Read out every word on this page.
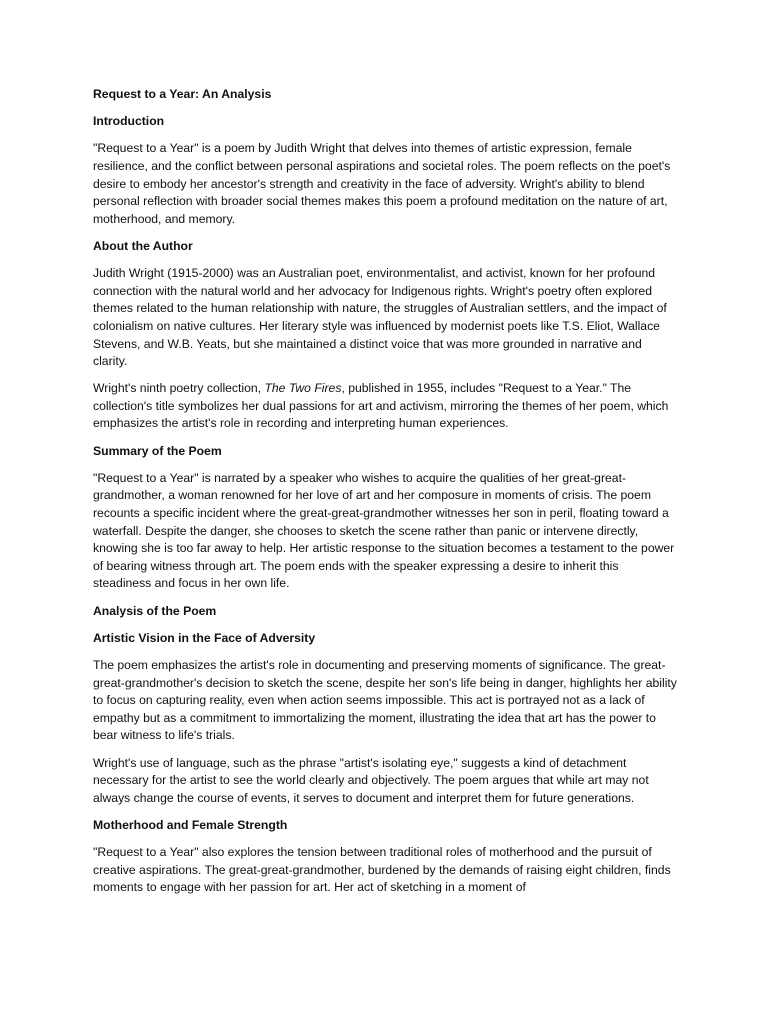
Request to a Year: An Analysis

Introduction

"Request to a Year" is a poem by Judith Wright that delves into themes of artistic expression, female resilience, and the conflict between personal aspirations and societal roles. The poem reflects on the poet's desire to embody her ancestor's strength and creativity in the face of adversity. Wright's ability to blend personal reflection with broader social themes makes this poem a profound meditation on the nature of art, motherhood, and memory.

About the Author

Judith Wright (1915-2000) was an Australian poet, environmentalist, and activist, known for her profound connection with the natural world and her advocacy for Indigenous rights. Wright's poetry often explored themes related to the human relationship with nature, the struggles of Australian settlers, and the impact of colonialism on native cultures. Her literary style was influenced by modernist poets like T.S. Eliot, Wallace Stevens, and W.B. Yeats, but she maintained a distinct voice that was more grounded in narrative and clarity.

Wright's ninth poetry collection, The Two Fires, published in 1955, includes "Request to a Year." The collection's title symbolizes her dual passions for art and activism, mirroring the themes of her poem, which emphasizes the artist's role in recording and interpreting human experiences.

Summary of the Poem

"Request to a Year" is narrated by a speaker who wishes to acquire the qualities of her great-great-grandmother, a woman renowned for her love of art and her composure in moments of crisis. The poem recounts a specific incident where the great-great-grandmother witnesses her son in peril, floating toward a waterfall. Despite the danger, she chooses to sketch the scene rather than panic or intervene directly, knowing she is too far away to help. Her artistic response to the situation becomes a testament to the power of bearing witness through art. The poem ends with the speaker expressing a desire to inherit this steadiness and focus in her own life.

Analysis of the Poem

Artistic Vision in the Face of Adversity

The poem emphasizes the artist's role in documenting and preserving moments of significance. The great-great-grandmother's decision to sketch the scene, despite her son's life being in danger, highlights her ability to focus on capturing reality, even when action seems impossible. This act is portrayed not as a lack of empathy but as a commitment to immortalizing the moment, illustrating the idea that art has the power to bear witness to life's trials.

Wright's use of language, such as the phrase "artist's isolating eye," suggests a kind of detachment necessary for the artist to see the world clearly and objectively. The poem argues that while art may not always change the course of events, it serves to document and interpret them for future generations.

Motherhood and Female Strength

"Request to a Year" also explores the tension between traditional roles of motherhood and the pursuit of creative aspirations. The great-great-grandmother, burdened by the demands of raising eight children, finds moments to engage with her passion for art. Her act of sketching in a moment of
